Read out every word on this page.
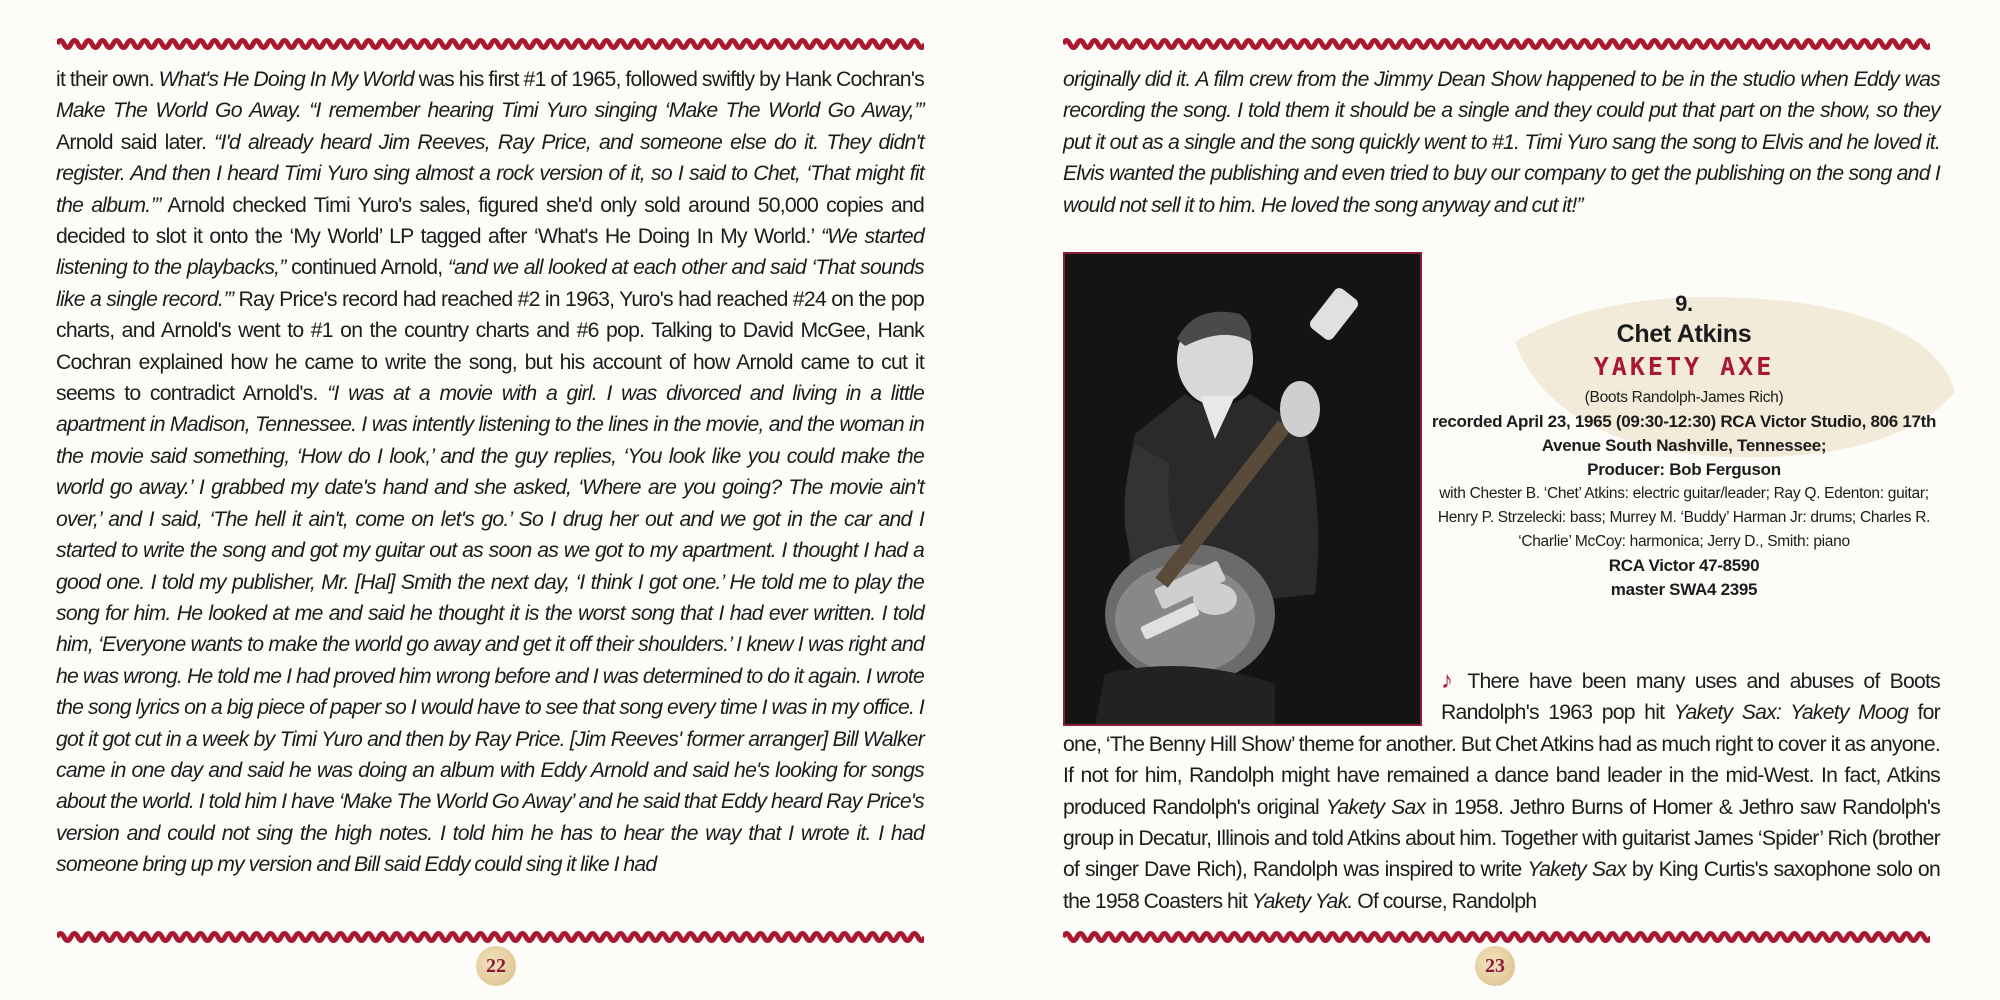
it their own. What's He Doing In My World was his first #1 of 1965, followed swiftly by Hank Cochran's Make The World Go Away. “I remember hearing Timi Yuro singing ‘Make The World Go Away,’” Arnold said later. “I'd already heard Jim Reeves, Ray Price, and someone else do it. They didn't register. And then I heard Timi Yuro sing almost a rock version of it, so I said to Chet, ‘That might fit the album.’” Arnold checked Timi Yuro's sales, figured she'd only sold around 50,000 copies and decided to slot it onto the ‘My World’ LP tagged after ‘What's He Doing In My World.’ “We started listening to the playbacks,” continued Arnold, “and we all looked at each other and said ‘That sounds like a single record.’” Ray Price's record had reached #2 in 1963, Yuro's had reached #24 on the pop charts, and Arnold's went to #1 on the country charts and #6 pop. Talking to David McGee, Hank Cochran explained how he came to write the song, but his account of how Arnold came to cut it seems to contradict Arnold's. “I was at a movie with a girl. I was divorced and living in a little apartment in Madison, Tennessee. I was intently listening to the lines in the movie, and the woman in the movie said something, ‘How do I look,’ and the guy replies, ‘You look like you could make the world go away.’ I grabbed my date's hand and she asked, ‘Where are you going? The movie ain't over,’ and I said, ‘The hell it ain't, come on let's go.’ So I drug her out and we got in the car and I started to write the song and got my guitar out as soon as we got to my apartment. I thought I had a good one. I told my publisher, Mr. [Hal] Smith the next day, ‘I think I got one.’ He told me to play the song for him. He looked at me and said he thought it is the worst song that I had ever written. I told him, ‘Everyone wants to make the world go away and get it off their shoulders.’ I knew I was right and he was wrong. He told me I had proved him wrong before and I was determined to do it again. I wrote the song lyrics on a big piece of paper so I would have to see that song every time I was in my office. I got it got cut in a week by Timi Yuro and then by Ray Price. [Jim Reeves' former arranger] Bill Walker came in one day and said he was doing an album with Eddy Arnold and said he's looking for songs about the world. I told him I have ‘Make The World Go Away’ and he said that Eddy heard Ray Price's version and could not sing the high notes. I told him he has to hear the way that I wrote it. I had someone bring up my version and Bill said Eddy could sing it like I had

22

originally did it. A film crew from the Jimmy Dean Show happened to be in the studio when Eddy was recording the song. I told them it should be a single and they could put that part on the show, so they put it out as a single and the song quickly went to #1. Timi Yuro sang the song to Elvis and he loved it. Elvis wanted the publishing and even tried to buy our company to get the publishing on the song and I would not sell it to him. He loved the song anyway and cut it!”

9.
Chet Atkins
YAKETY AXE
(Boots Randolph-James Rich)
recorded April 23, 1965 (09:30-12:30) RCA Victor Studio, 806 17th Avenue South Nashville, Tennessee;
Producer: Bob Ferguson
with Chester B. ‘Chet’ Atkins: electric guitar/leader; Ray Q. Edenton: guitar; Henry P. Strzelecki: bass; Murrey M. ‘Buddy’ Harman Jr: drums; Charles R. ‘Charlie’ McCoy: harmonica; Jerry D., Smith: piano
RCA Victor 47-8590
master SWA4 2395

♪ There have been many uses and abuses of Boots Randolph's 1963 pop hit Yakety Sax: Yakety Moog for one, ‘The Benny Hill Show’ theme for another. But Chet Atkins had as much right to cover it as anyone. If not for him, Randolph might have remained a dance band leader in the mid-West. In fact, Atkins produced Randolph's original Yakety Sax in 1958. Jethro Burns of Homer & Jethro saw Randolph's group in Decatur, Illinois and told Atkins about him. Together with guitarist James ‘Spider’ Rich (brother of singer Dave Rich), Randolph was inspired to write Yakety Sax by King Curtis's saxophone solo on the 1958 Coasters hit Yakety Yak. Of course, Randolph

23
